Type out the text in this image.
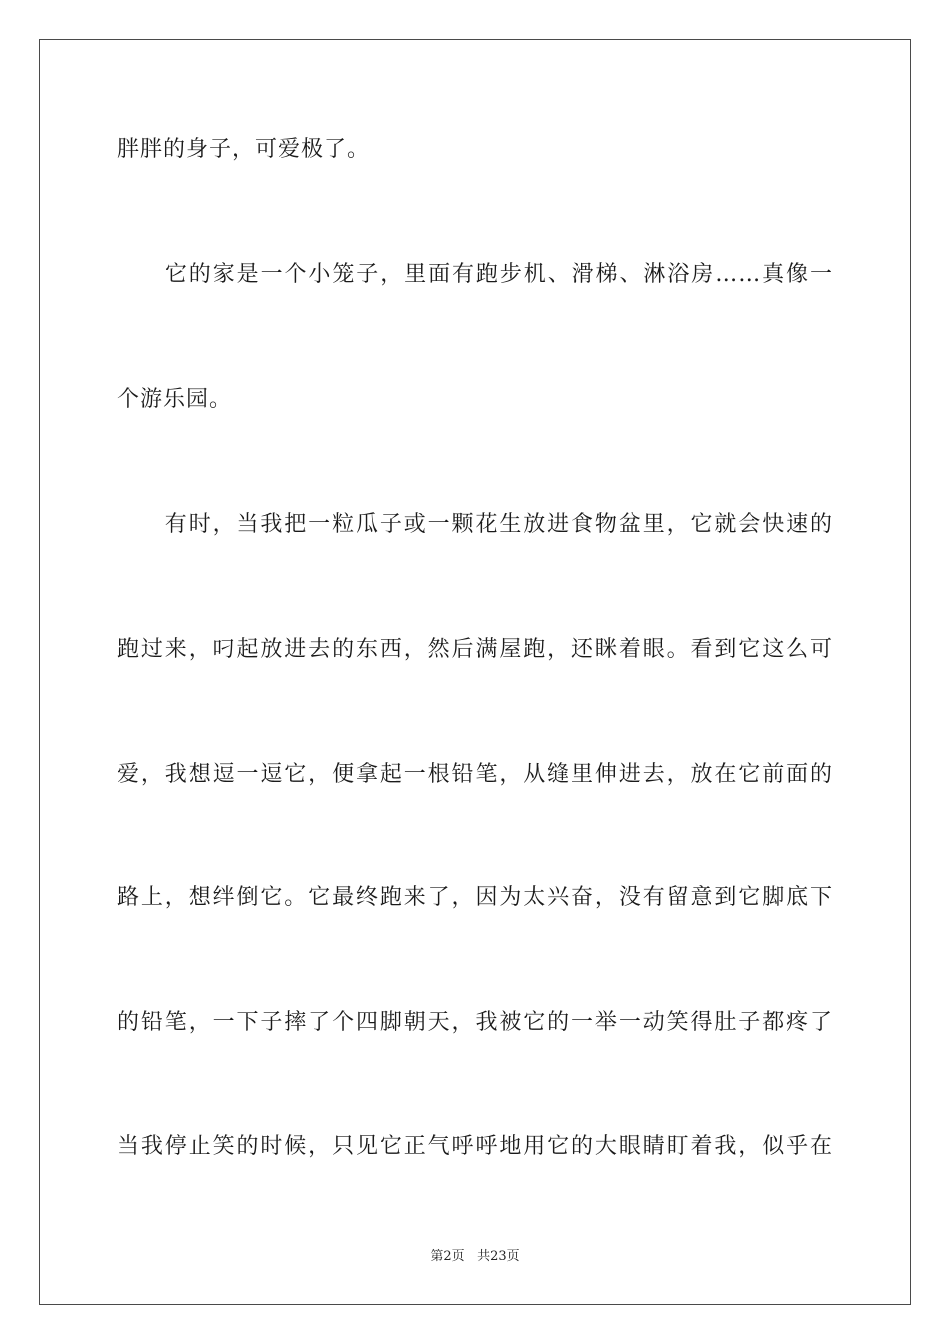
胖胖的身子，可爱极了。
　　它的家是一个小笼子，里面有跑步机、滑梯、淋浴房……真像一
个游乐园。
　　有时，当我把一粒瓜子或一颗花生放进食物盆里，它就会快速的
跑过来，叼起放进去的东西，然后满屋跑，还眯着眼。看到它这么可
爱，我想逗一逗它，便拿起一根铅笔，从缝里伸进去，放在它前面的
路上，想绊倒它。它最终跑来了，因为太兴奋，没有留意到它脚底下
的铅笔，一下子摔了个四脚朝天，我被它的一举一动笑得肚子都疼了
当我停止笑的时候，只见它正气呼呼地用它的大眼睛盯着我，似乎在
第2页 共23页
